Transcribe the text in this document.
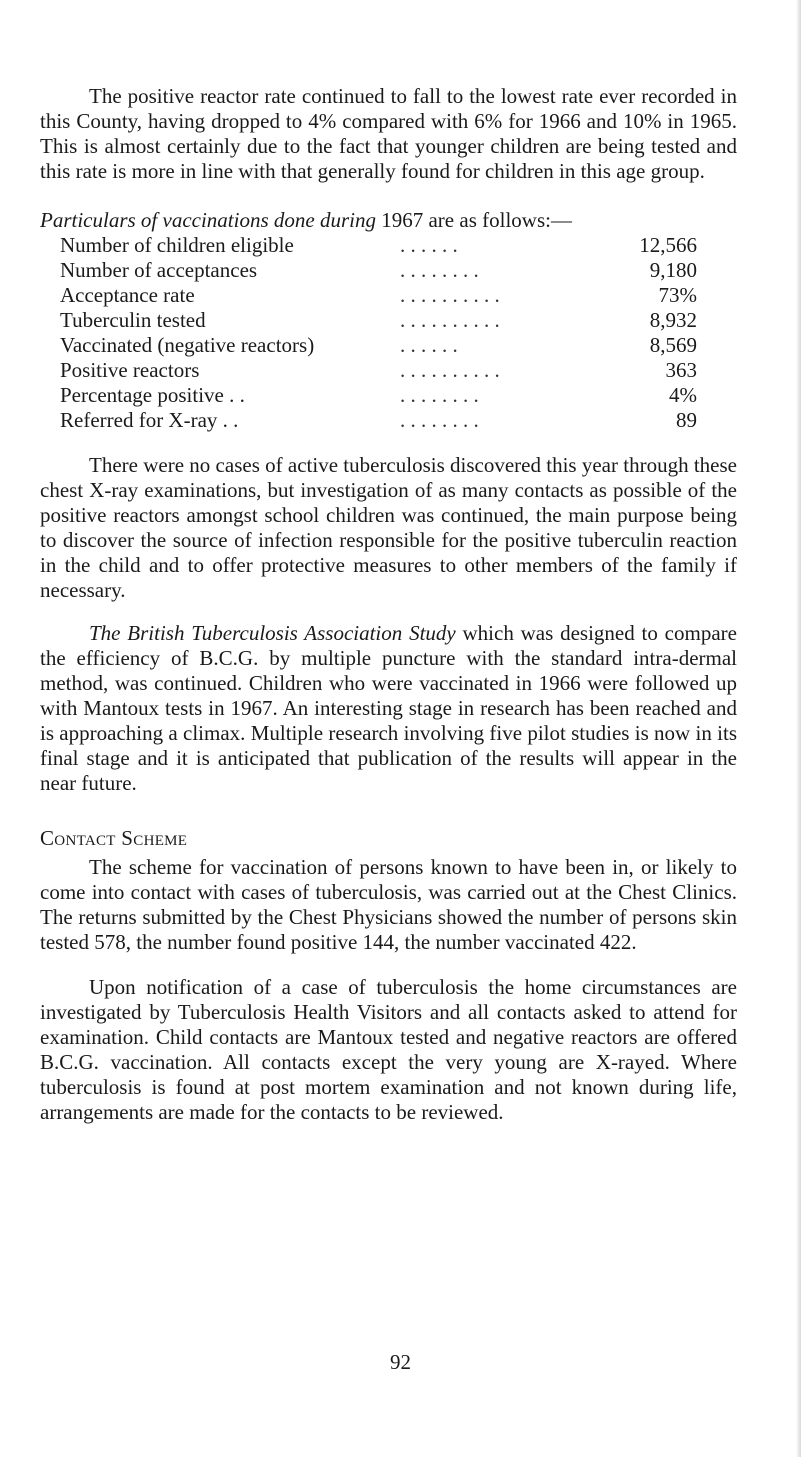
The positive reactor rate continued to fall to the lowest rate ever recorded in this County, having dropped to 4% compared with 6% for 1966 and 10% in 1965. This is almost certainly due to the fact that younger children are being tested and this rate is more in line with that generally found for children in this age group.

Particulars of vaccinations done during 1967 are as follows:—

Number of children eligible	. . . . . .	12,566
Number of acceptances	. . . . . . . .	9,180
Acceptance rate	. . . . . . . . . .	73%
Tuberculin tested	. . . . . . . . . .	8,932
Vaccinated (negative reactors)	. . . . . .	8,569
Positive reactors	. . . . . . . . . .	363
Percentage positive . .	. . . . . . . .	4%
Referred for X-ray . .	. . . . . . . .	89

There were no cases of active tuberculosis discovered this year through these chest X-ray examinations, but investigation of as many contacts as possible of the positive reactors amongst school children was continued, the main purpose being to discover the source of infection responsible for the positive tuberculin reaction in the child and to offer protective measures to other members of the family if necessary.

The British Tuberculosis Association Study which was designed to compare the efficiency of B.C.G. by multiple puncture with the standard intra-dermal method, was continued. Children who were vaccinated in 1966 were followed up with Mantoux tests in 1967. An interesting stage in research has been reached and is approaching a climax. Multiple research involving five pilot studies is now in its final stage and it is anticipated that publication of the results will appear in the near future.

Contact Scheme

The scheme for vaccination of persons known to have been in, or likely to come into contact with cases of tuberculosis, was carried out at the Chest Clinics. The returns submitted by the Chest Physicians showed the number of persons skin tested 578, the number found positive 144, the number vaccinated 422.

Upon notification of a case of tuberculosis the home circumstances are investigated by Tuberculosis Health Visitors and all contacts asked to attend for examination. Child contacts are Mantoux tested and negative reactors are offered B.C.G. vaccination. All contacts except the very young are X-rayed. Where tuberculosis is found at post mortem examination and not known during life, arrangements are made for the contacts to be reviewed.

92
